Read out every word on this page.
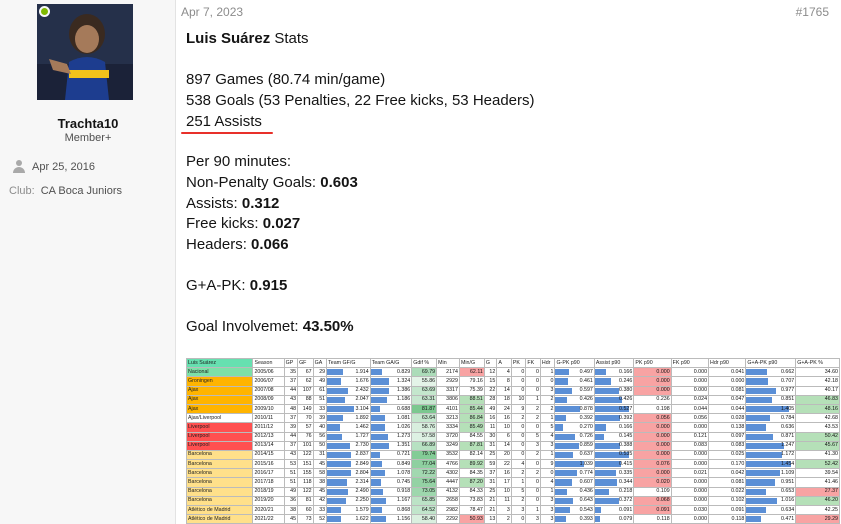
Trachta10
Member+
Apr 25, 2016
Club: CA Boca Juniors
Apr 7, 2023	#1765
Luis Suárez Stats
897 Games (80.74 min/game)
538 Goals (53 Penalties, 22 Free kicks, 53 Headers)
251 Assists
Per 90 minutes:
Non-Penalty Goals: 0.603
Assists: 0.312
Free kicks: 0.027
Headers: 0.066
G+A-PK: 0.915
Goal Involvemet: 43.50%
Luis Suárez	Season	GP	GF	GA	Team GF/G	Team GA/G	Gdif %	Min	Min/G	G	A	PK	FK	Hdr	G-PK p90	Assist p90	PK p90	FK p90	Hdr p90	G+A-PK p90	G+A-PK %
Nacional	2005/06	35	67	29	1.914	0.829	69.79	2174	62.11	12	4	0	0	1	0.497	0.166	0.000	0.000	0.041	0.662	34.60
Groningen	2006/07	37	62	49	1.676	1.324	55.86	2929	79.16	15	8	0	0	0	0.461	0.246	0.000	0.000	0.000	0.707	42.18
Ajax	2007/08	44	107	61	2.432	1.386	63.69	3317	75.39	22	14	0	0	3	0.597	0.380	0.000	0.000	0.081	0.977	40.17
Ajax	2008/09	43	88	51	2.047	1.186	63.31	3806	88.51	28	18	10	1	2	0.426	0.426	0.236	0.024	0.047	0.851	46.83
Ajax	2009/10	48	149	33	3.104	0.688	81.87	4101	85.44	49	24	9	2	2	0.878	0.527	0.198	0.044	0.044	1.405	48.16
Ajax/Liverpool	2010/11	37	70	39	1.892	1.081	63.64	3213	86.84	16	16	2	2	1	0.392	0.392	0.056	0.056	0.028	0.784	42.68
Liverpool	2011/12	39	57	40	1.462	1.026	58.76	3334	85.49	11	10	0	0	5	0.270	0.166	0.000	0.000	0.138	0.636	43.53
Liverpool	2012/13	44	76	56	1.727	1.273	57.58	3720	84.55	30	6	0	5	4	0.726	0.145	0.000	0.121	0.097	0.871	50.42
Liverpool	2013/14	37	101	50	2.730	1.351	66.89	3249	87.81	31	14	0	3	3	0.859	0.388	0.000	0.083	0.083	1.247	45.67
Barcelona	2014/15	43	122	31	2.837	0.721	79.74	3532	82.14	25	20	0	2	1	0.637	0.535	0.000	0.000	0.025	1.172	41.30
Barcelona	2015/16	53	151	45	2.849	0.849	77.04	4766	89.92	59	22	4	0	9	1.039	0.415	0.076	0.000	0.170	1.454	52.42
Barcelona	2016/17	51	155	58	2.804	1.078	72.22	4302	84.35	37	16	2	2	0	0.774	0.335	0.000	0.021	0.042	1.109	39.54
Barcelona	2017/18	51	118	38	2.314	0.745	75.64	4447	87.20	31	17	1	0	4	0.607	0.344	0.020	0.000	0.081	0.951	41.46
Barcelona	2018/19	49	122	45	2.490	0.918	73.05	4132	84.33	25	10	5	0	1	0.436	0.218	0.109	0.000	0.022	0.653	27.37
Barcelona	2019/20	36	81	42	2.250	1.167	65.85	2658	73.83	21	11	2	0	3	0.643	0.372	0.068	0.000	0.102	1.016	46.20
Atlético de Madrid	2020/21	38	60	33	1.579	0.868	64.52	2982	78.47	21	3	3	1	3	0.543	0.091	0.091	0.030	0.091	0.634	42.25
Atlético de Madrid	2021/22	45	73	52	1.622	1.156	58.40	2292	50.93	13	2	0	3	3	0.393	0.079	0.118	0.000	0.118	0.471	29.29
